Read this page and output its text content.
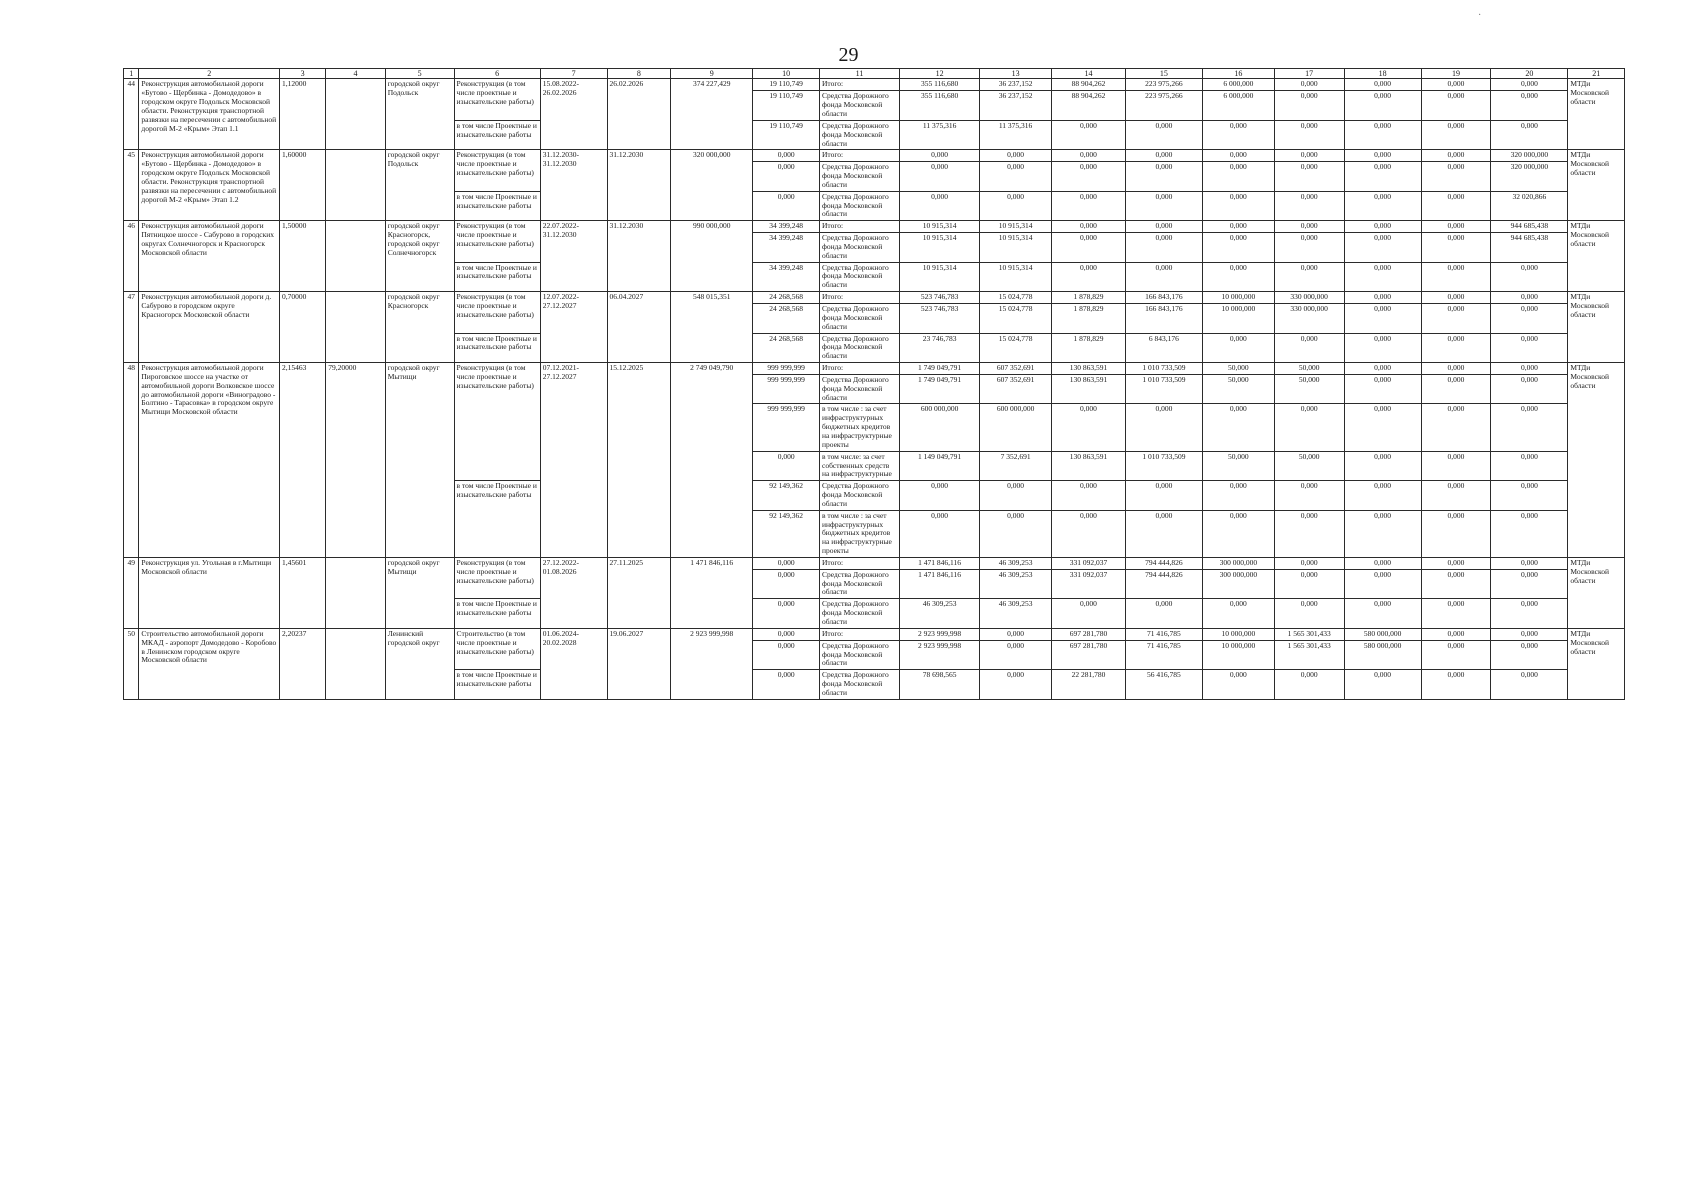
29
·
1	2	3	4	5	6	7	8	9	10	11	12	13	14	15	16	17	18	19	20	21
44	Реконструкция автомобильной дороги «Бутово - Щербинка - Домодедово» в городском округе Подольск Московской области. Реконструкция транспортной развязки на пересечении с автомобильной дорогой М-2 «Крым» Этап 1.1	1,12000		городской округ Подольск	Реконструкция (в том числе проектные и изыскательские работы)	15.08.2022-26.02.2026	26.02.2026	374 227,429	19 110,749	Итого:	355 116,680	36 237,152	88 904,262	223 975,266	6 000,000	0,000	0,000	0,000	0,000	МТДи Московской области
									19 110,749	Средства Дорожного фонда Московской области	355 116,680	36 237,152	88 904,262	223 975,266	6 000,000	0,000	0,000	0,000	0,000	
					в том числе Проектные и изыскательские работы				19 110,749	Средства Дорожного фонда Московской области	11 375,316	11 375,316	0,000	0,000	0,000	0,000	0,000	0,000	0,000	
45	Реконструкция автомобильной дороги «Бутово - Щербинка - Домодедово» в городском округе Подольск Московской области. Реконструкция транспортной развязки на пересечении с автомобильной дорогой М-2 «Крым» Этап 1.2	1,60000		городской округ Подольск	Реконструкция (в том числе проектные и изыскательские работы)	31.12.2030-31.12.2030	31.12.2030	320 000,000	0,000	Итого:	0,000	0,000	0,000	0,000	0,000	0,000	0,000	0,000	320 000,000	МТДи Московской области
									0,000	Средства Дорожного фонда Московской области	0,000	0,000	0,000	0,000	0,000	0,000	0,000	0,000	320 000,000	
					в том числе Проектные и изыскательские работы				0,000	Средства Дорожного фонда Московской области	0,000	0,000	0,000	0,000	0,000	0,000	0,000	0,000	32 020,866	
46	Реконструкция автомобильной дороги Пятницкое шоссе - Сабурово в городских округах Солнечногорск и Красногорск Московской области	1,50000		городской округ Красногорск, городской округ Солнечногорск	Реконструкция (в том числе проектные и изыскательские работы)	22.07.2022-31.12.2030	31.12.2030	990 000,000	34 399,248	Итого:	10 915,314	10 915,314	0,000	0,000	0,000	0,000	0,000	0,000	944 685,438	МТДи Московской области
									34 399,248	Средства Дорожного фонда Московской области	10 915,314	10 915,314	0,000	0,000	0,000	0,000	0,000	0,000	944 685,438	
					в том числе Проектные и изыскательские работы				34 399,248	Средства Дорожного фонда Московской области	10 915,314	10 915,314	0,000	0,000	0,000	0,000	0,000	0,000	0,000	
47	Реконструкция автомобильной дороги д. Сабурово в городском округе Красногорск Московской области	0,70000		городской округ Красногорск	Реконструкция (в том числе проектные и изыскательские работы)	12.07.2022-27.12.2027	06.04.2027	548 015,351	24 268,568	Итого:	523 746,783	15 024,778	1 878,829	166 843,176	10 000,000	330 000,000	0,000	0,000	0,000	МТДи Московской области
									24 268,568	Средства Дорожного фонда Московской области	523 746,783	15 024,778	1 878,829	166 843,176	10 000,000	330 000,000	0,000	0,000	0,000	
					в том числе Проектные и изыскательские работы				24 268,568	Средства Дорожного фонда Московской области	23 746,783	15 024,778	1 878,829	6 843,176	0,000	0,000	0,000	0,000	0,000	
48	Реконструкция автомобильной дороги Пироговское шоссе на участке от автомобильной дороги Волковское шоссе до автомобильной дороги «Виноградово - Болтино - Тарасовка» в городском округе Мытищи Московской области	2,15463	79,20000	городской округ Мытищи	Реконструкция (в том числе проектные и изыскательские работы)	07.12.2021-27.12.2027	15.12.2025	2 749 049,790	999 999,999	Итого:	1 749 049,791	607 352,691	130 863,591	1 010 733,509	50,000	50,000	0,000	0,000	0,000	МТДи Московской области
									999 999,999	Средства Дорожного фонда Московской области	1 749 049,791	607 352,691	130 863,591	1 010 733,509	50,000	50,000	0,000	0,000	0,000	
									999 999,999	в том числе : за счет инфраструктурных бюджетных кредитов на инфраструктурные проекты	600 000,000	600 000,000	0,000	0,000	0,000	0,000	0,000	0,000	0,000	
									0,000	в том числе: за счет собственных средств на инфраструктурные	1 149 049,791	7 352,691	130 863,591	1 010 733,509	50,000	50,000	0,000	0,000	0,000	
					в том числе Проектные и изыскательские работы				92 149,362	Средства Дорожного фонда Московской области	0,000	0,000	0,000	0,000	0,000	0,000	0,000	0,000	0,000	
									92 149,362	в том числе : за счет инфраструктурных бюджетных кредитов на инфраструктурные проекты	0,000	0,000	0,000	0,000	0,000	0,000	0,000	0,000	0,000	
49	Реконструкция ул. Угольная в г.Мытищи Московской области	1,45601		городской округ Мытищи	Реконструкция (в том числе проектные и изыскательские работы)	27.12.2022-01.08.2026	27.11.2025	1 471 846,116	0,000	Итого:	1 471 846,116	46 309,253	331 092,037	794 444,826	300 000,000	0,000	0,000	0,000	0,000	МТДи Московской области
									0,000	Средства Дорожного фонда Московской области	1 471 846,116	46 309,253	331 092,037	794 444,826	300 000,000	0,000	0,000	0,000	0,000	
					в том числе Проектные и изыскательские работы				0,000	Средства Дорожного фонда Московской области	46 309,253	46 309,253	0,000	0,000	0,000	0,000	0,000	0,000	0,000	
50	Строительство автомобильной дороги МКАД - аэропорт Домодедово - Коробово в Ленинском городском округе Московской области	2,20237		Ленинский городской округ	Строительство (в том числе проектные и изыскательские работы)	01.06.2024-20.02.2028	19.06.2027	2 923 999,998	0,000	Итого:	2 923 999,998	0,000	697 281,780	71 416,785	10 000,000	1 565 301,433	580 000,000	0,000	0,000	МТДи Московской области
									0,000	Средства Дорожного фонда Московской области	2 923 999,998	0,000	697 281,780	71 416,785	10 000,000	1 565 301,433	580 000,000	0,000	0,000	
					в том числе Проектные и изыскательские работы				0,000	Средства Дорожного фонда Московской области	78 698,565	0,000	22 281,780	56 416,785	0,000	0,000	0,000	0,000	0,000	
